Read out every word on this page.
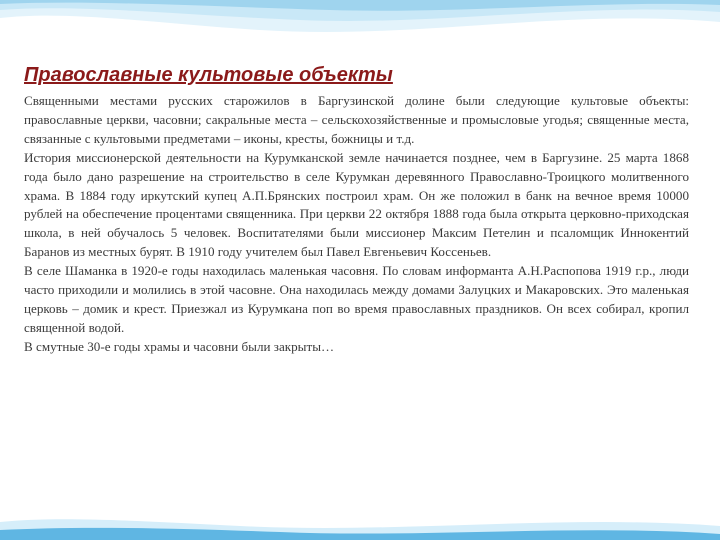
Православные культовые объекты

Священными местами русских старожилов в Баргузинской долине были следующие культовые объекты: православные церкви, часовни; сакральные места – сельскохозяйственные и промысловые угодья; священные места, связанные с культовыми предметами – иконы, кресты, божницы и т.д.

История миссионерской деятельности на Курумканской земле начинается позднее, чем в Баргузине. 25 марта 1868 года было дано разрешение на строительство в селе Курумкан деревянного Православно-Троицкого молитвенного храма. В 1884 году иркутский купец А.П.Брянских построил храм. Он же положил в банк на вечное время 10000 рублей на обеспечение процентами священника. При церкви 22 октября 1888 года была открыта церковно-приходская школа, в ней обучалось 5 человек. Воспитателями были миссионер Максим Петелин и псаломщик Иннокентий Баранов из местных бурят. В 1910 году учителем был Павел Евгеньевич Коссеньев.

В селе Шаманка в 1920-е годы находилась маленькая часовня. По словам информанта А.Н.Распопова 1919 г.р., люди часто приходили и молились в этой часовне. Она находилась между домами Залуцких и Макаровских. Это маленькая церковь – домик и крест. Приезжал из Курумкана поп во время православных праздников. Он всех собирал, кропил священной водой.

В смутные 30-е годы храмы и часовни были закрыты…
